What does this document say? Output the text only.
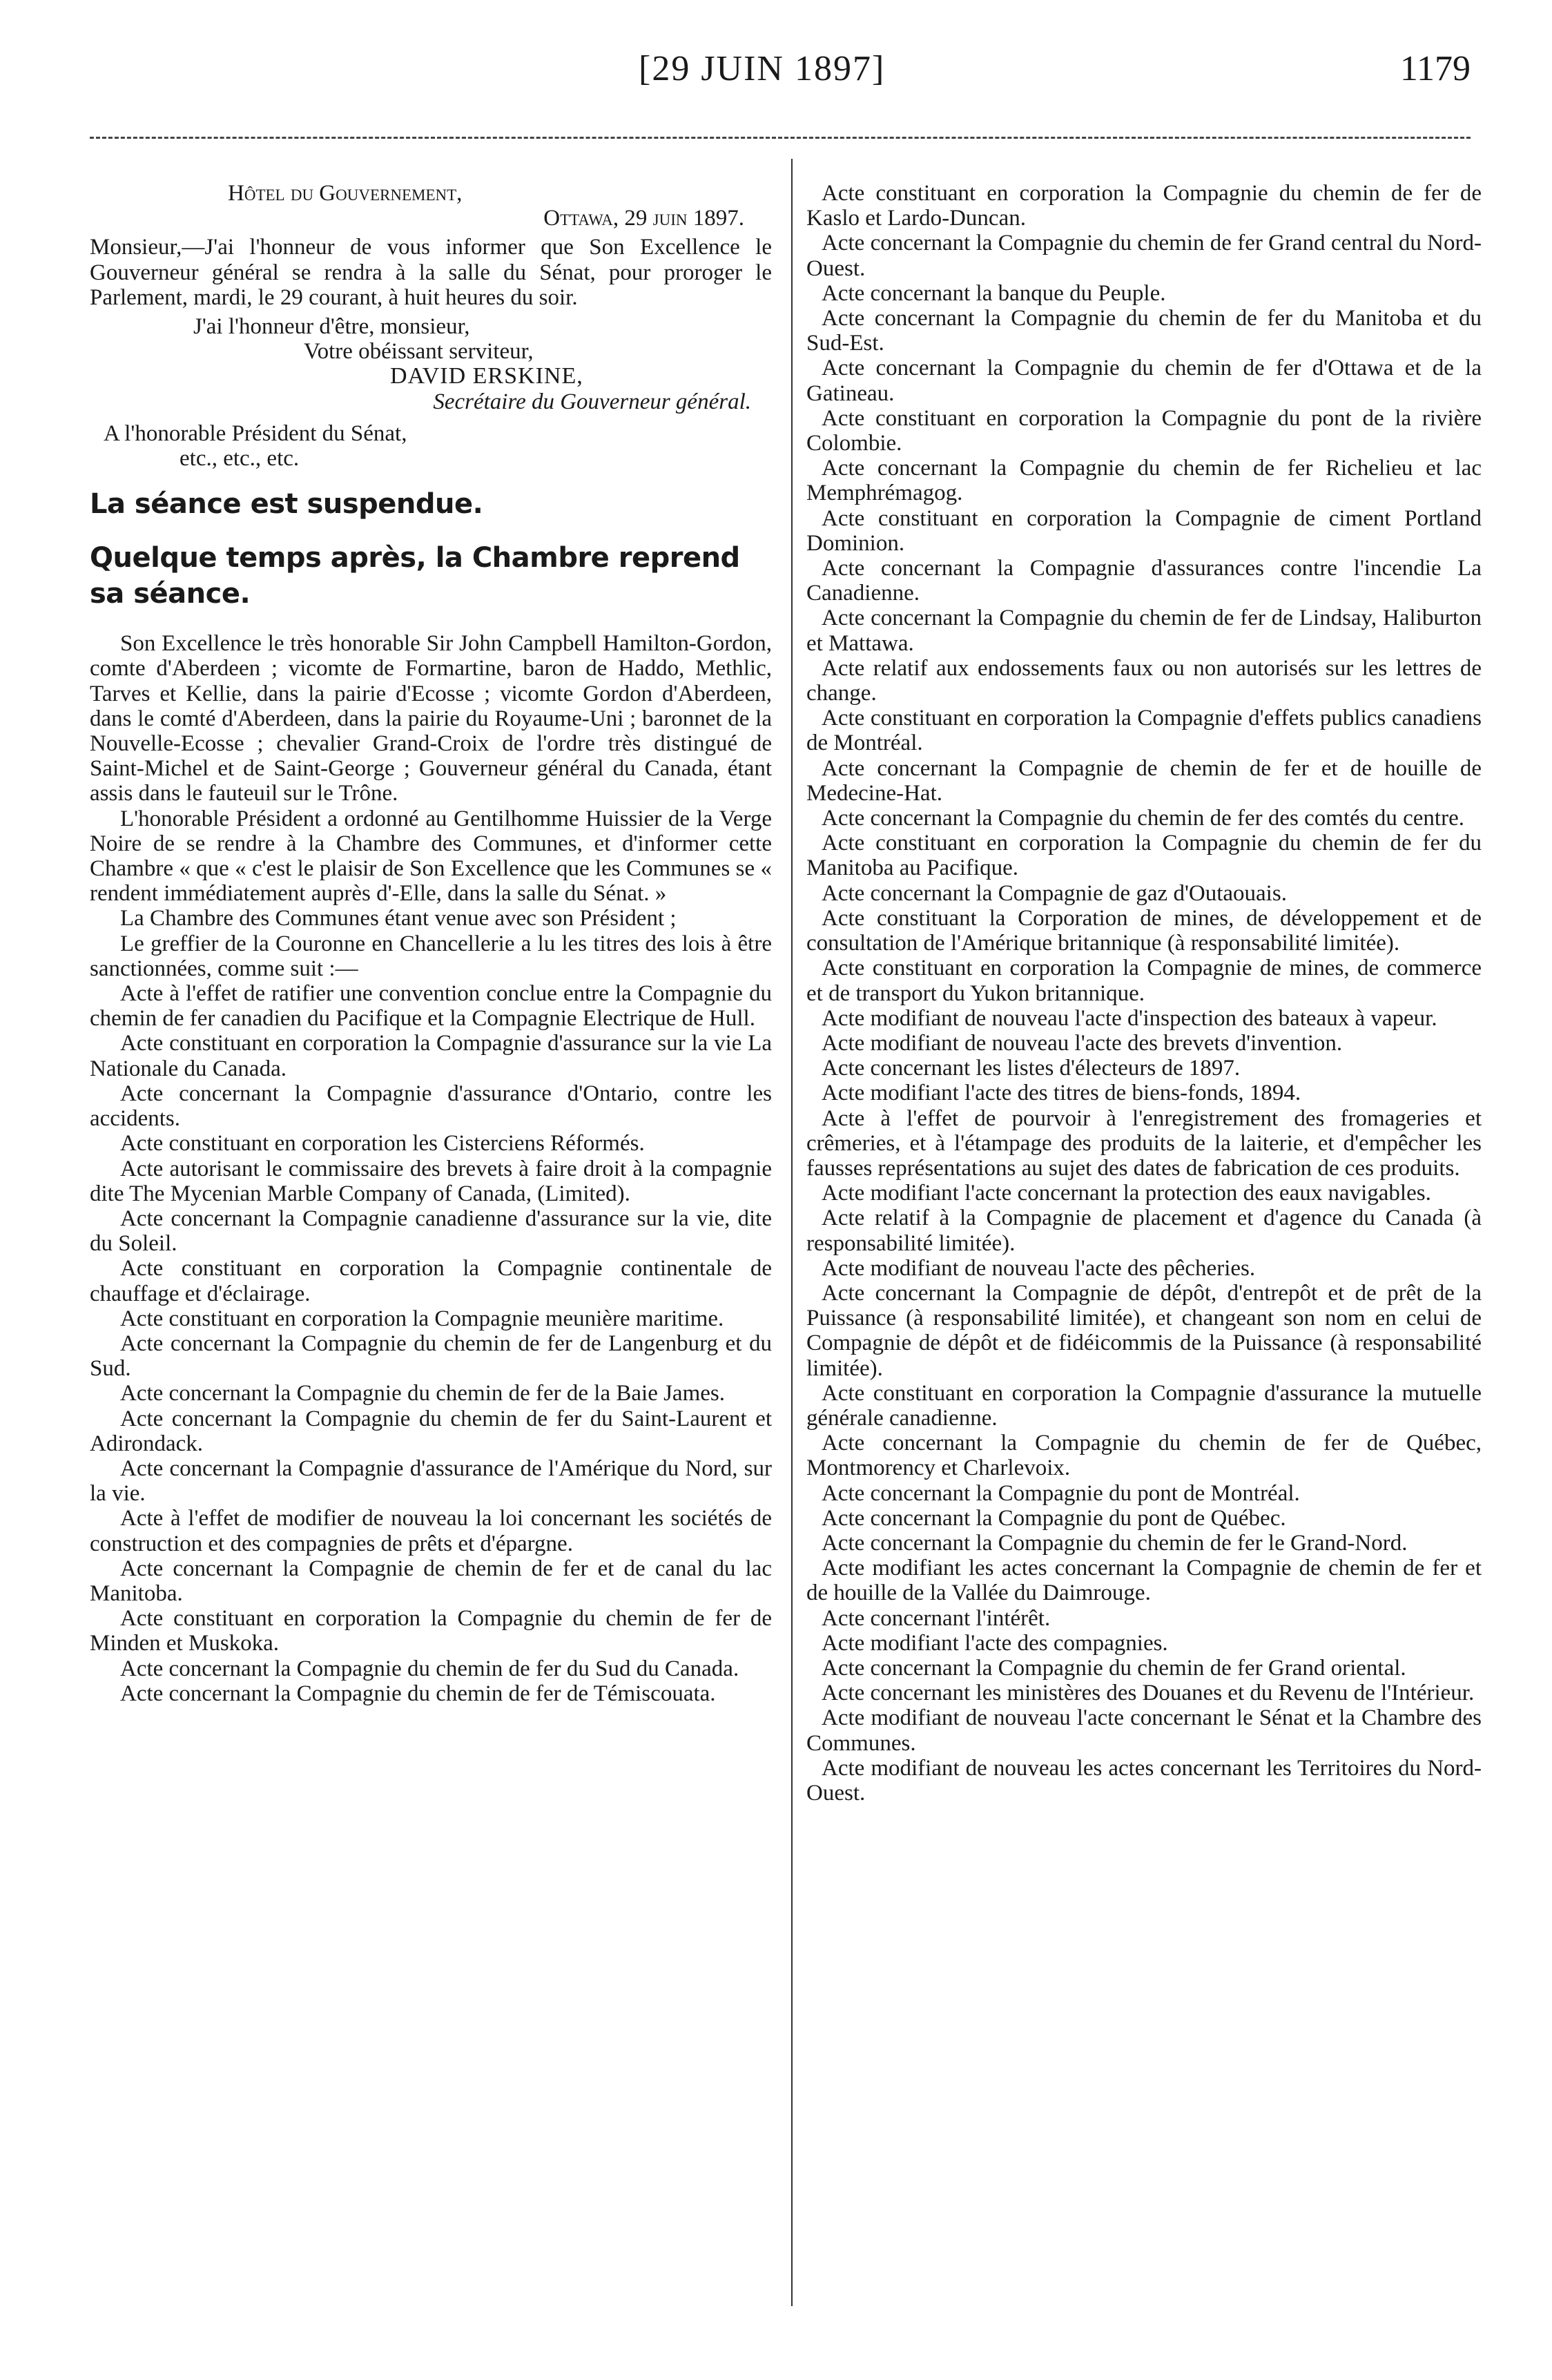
[29 JUIN 1897]	1179

Hôtel du Gouvernement,

Ottawa, 29 juin 1897.

Monsieur,—J'ai l'honneur de vous informer que Son Excellence le Gouverneur général se rendra à la salle du Sénat, pour proroger le Parlement, mardi, le 29 courant, à huit heures du soir.

J'ai l'honneur d'être, monsieur,

Votre obéissant serviteur,

DAVID ERSKINE,

Secrétaire du Gouverneur général.

A l'honorable Président du Sénat,

etc., etc., etc.

La séance est suspendue.

Quelque temps après, la Chambre reprend sa séance.

Son Excellence le très honorable Sir John Campbell Hamilton-Gordon, comte d'Aberdeen ; vicomte de Formartine, baron de Haddo, Methlic, Tarves et Kellie, dans la pairie d'Ecosse ; vicomte Gordon d'Aberdeen, dans le comté d'Aberdeen, dans la pairie du Royaume-Uni ; baronnet de la Nouvelle-Ecosse ; chevalier Grand-Croix de l'ordre très distingué de Saint-Michel et de Saint-George ; Gouverneur général du Canada, étant assis dans le fauteuil sur le Trône.

L'honorable Président a ordonné au Gentilhomme Huissier de la Verge Noire de se rendre à la Chambre des Communes, et d'informer cette Chambre « que « c'est le plaisir de Son Excellence que les Communes se « rendent immédiatement auprès d'-Elle, dans la salle du Sénat. »

La Chambre des Communes étant venue avec son Président ;

Le greffier de la Couronne en Chancellerie a lu les titres des lois à être sanctionnées, comme suit :—

Acte à l'effet de ratifier une convention conclue entre la Compagnie du chemin de fer canadien du Pacifique et la Compagnie Electrique de Hull.

Acte constituant en corporation la Compagnie d'assurance sur la vie La Nationale du Canada.

Acte concernant la Compagnie d'assurance d'Ontario, contre les accidents.

Acte constituant en corporation les Cisterciens Réformés.

Acte autorisant le commissaire des brevets à faire droit à la compagnie dite The Mycenian Marble Company of Canada, (Limited).

Acte concernant la Compagnie canadienne d'assurance sur la vie, dite du Soleil.

Acte constituant en corporation la Compagnie continentale de chauffage et d'éclairage.

Acte constituant en corporation la Compagnie meunière maritime.

Acte concernant la Compagnie du chemin de fer de Langenburg et du Sud.

Acte concernant la Compagnie du chemin de fer de la Baie James.

Acte concernant la Compagnie du chemin de fer du Saint-Laurent et Adirondack.

Acte concernant la Compagnie d'assurance de l'Amérique du Nord, sur la vie.

Acte à l'effet de modifier de nouveau la loi concernant les sociétés de construction et des compagnies de prêts et d'épargne.

Acte concernant la Compagnie de chemin de fer et de canal du lac Manitoba.

Acte constituant en corporation la Compagnie du chemin de fer de Minden et Muskoka.

Acte concernant la Compagnie du chemin de fer du Sud du Canada.

Acte concernant la Compagnie du chemin de fer de Témiscouata.

Acte constituant en corporation la Compagnie du chemin de fer de Kaslo et Lardo-Duncan.

Acte concernant la Compagnie du chemin de fer Grand central du Nord-Ouest.

Acte concernant la banque du Peuple.

Acte concernant la Compagnie du chemin de fer du Manitoba et du Sud-Est.

Acte concernant la Compagnie du chemin de fer d'Ottawa et de la Gatineau.

Acte constituant en corporation la Compagnie du pont de la rivière Colombie.

Acte concernant la Compagnie du chemin de fer Richelieu et lac Memphrémagog.

Acte constituant en corporation la Compagnie de ciment Portland Dominion.

Acte concernant la Compagnie d'assurances contre l'incendie La Canadienne.

Acte concernant la Compagnie du chemin de fer de Lindsay, Haliburton et Mattawa.

Acte relatif aux endossements faux ou non autorisés sur les lettres de change.

Acte constituant en corporation la Compagnie d'effets publics canadiens de Montréal.

Acte concernant la Compagnie de chemin de fer et de houille de Medecine-Hat.

Acte concernant la Compagnie du chemin de fer des comtés du centre.

Acte constituant en corporation la Compagnie du chemin de fer du Manitoba au Pacifique.

Acte concernant la Compagnie de gaz d'Outaouais.

Acte constituant la Corporation de mines, de développement et de consultation de l'Amérique britannique (à responsabilité limitée).

Acte constituant en corporation la Compagnie de mines, de commerce et de transport du Yukon britannique.

Acte modifiant de nouveau l'acte d'inspection des bateaux à vapeur.

Acte modifiant de nouveau l'acte des brevets d'invention.

Acte concernant les listes d'électeurs de 1897.

Acte modifiant l'acte des titres de biens-fonds, 1894.

Acte à l'effet de pourvoir à l'enregistrement des fromageries et crêmeries, et à l'étampage des produits de la laiterie, et d'empêcher les fausses représentations au sujet des dates de fabrication de ces produits.

Acte modifiant l'acte concernant la protection des eaux navigables.

Acte relatif à la Compagnie de placement et d'agence du Canada (à responsabilité limitée).

Acte modifiant de nouveau l'acte des pêcheries.

Acte concernant la Compagnie de dépôt, d'entrepôt et de prêt de la Puissance (à responsabilité limitée), et changeant son nom en celui de Compagnie de dépôt et de fidéicommis de la Puissance (à responsabilité limitée).

Acte constituant en corporation la Compagnie d'assurance la mutuelle générale canadienne.

Acte concernant la Compagnie du chemin de fer de Québec, Montmorency et Charlevoix.

Acte concernant la Compagnie du pont de Montréal.

Acte concernant la Compagnie du pont de Québec.

Acte concernant la Compagnie du chemin de fer le Grand-Nord.

Acte modifiant les actes concernant la Compagnie de chemin de fer et de houille de la Vallée du Daimrouge.

Acte concernant l'intérêt.

Acte modifiant l'acte des compagnies.

Acte concernant la Compagnie du chemin de fer Grand oriental.

Acte concernant les ministères des Douanes et du Revenu de l'Intérieur.

Acte modifiant de nouveau l'acte concernant le Sénat et la Chambre des Communes.

Acte modifiant de nouveau les actes concernant les Territoires du Nord-Ouest.
